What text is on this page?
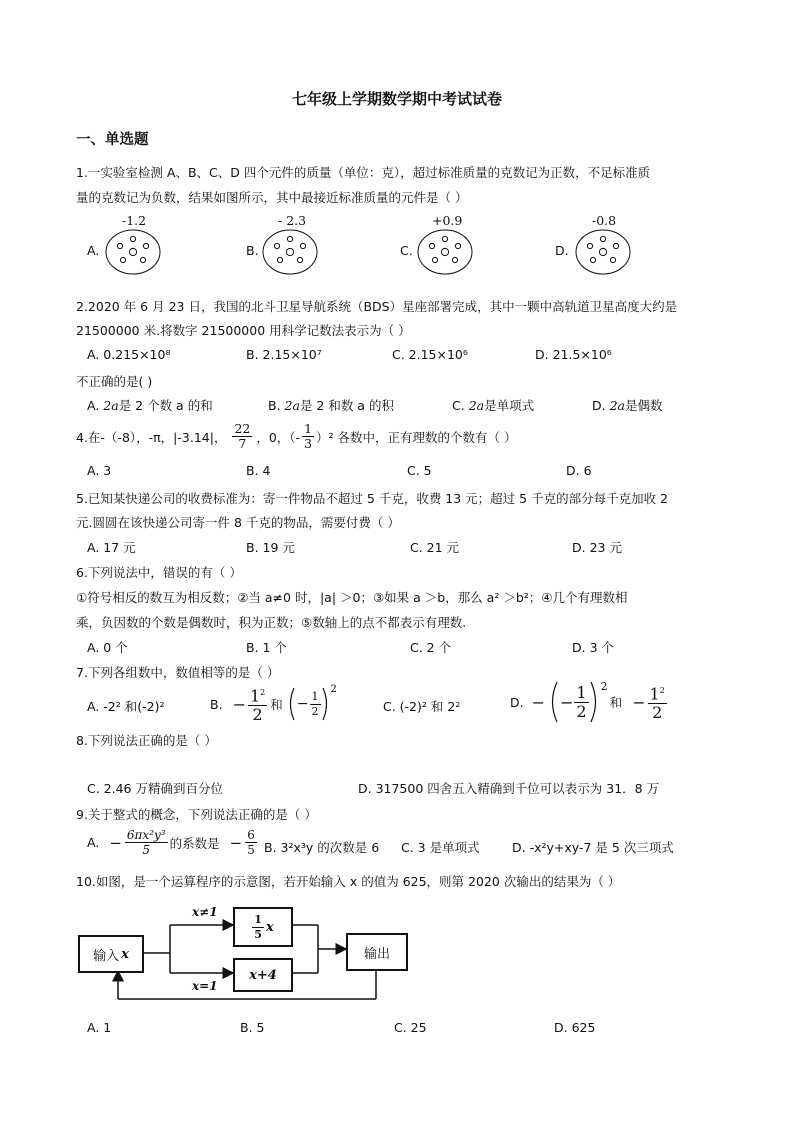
七年级上学期数学期中考试试卷
一、单选题
1.一实验室检测 A、B、C、D 四个元件的质量（单位：克），超过标准质量的克数记为正数，不足标准质
量的克数记为负数，结果如图所示，其中最接近标准质量的元件是（ ）
A.
-1.2
B.
- 2.3
C.
+0.9
D.
-0.8
2.2020 年 6 月 23 日，我国的北斗卫星导航系统（BDS）星座部署完成，其中一颗中高轨道卫星高度大约是
21500000 米.将数字 21500000 用科学记数法表示为（ ）
A. 0.215×10⁸	B. 2.15×10⁷	C. 2.15×10⁶	D. 21.5×10⁶
不正确的是( )
A. 2a是 2 个数 a 的和	B. 2a是 2 和数 a 的积	C. 2a是单项式	D. 2a是偶数
4.在-（-8），-π，|-3.14|， $\frac{22}{7}$ ，0，（- $\frac{1}{3} )^2$ 各数中，正有理数的个数有（ ）
A. 3	B. 4	C. 5	D. 6
5.已知某快递公司的收费标准为：寄一件物品不超过 5 千克，收费 13 元；超过 5 千克的部分每千克加收 2
元.圆圆在该快递公司寄一件 8 千克的物品，需要付费（ ）
A. 17 元	B. 19 元	C. 21 元	D. 23 元
6.下列说法中，错误的有（ ）
①符号相反的数互为相反数；②当 a≠0 时，|a| ＞0；③如果 a ＞b，那么 a² ＞b²；④几个有理数相
乘，负因数的个数是偶数时，积为正数；⑤数轴上的点不都表示有理数.
A. 0 个	B. 1 个	C. 2 个	D. 3 个
7.下列各组数中，数值相等的是（ ）
A. -2² 和(-2)²	B. − $\frac{1^2}{2}$ 和 − $\frac{1}{2}$
$^2$
C. (-2)² 和 2²	D. − − $\frac{1}{2} 2$
和 − $\frac{1^2}{2}$
8.下列说法正确的是（ ）
C. 2.46 万精确到百分位	D. 317500 四舍五入精确到千位可以表示为 31．8 万
9.关于整式的概念，下列说法正确的是（ ）
A. − $\frac{\text{6πx²y³}}{5}$ 的系数是 − $\frac{6}{5} B$. 3²x³y 的次数是 6 C. 3 是单项式	D. -x²y+xy-7 是 5 次三项式
10.如图，是一个运算程序的示意图，若开始输入 x 的值为 625，则第 2020 次输出的结果为（ ）
输入 x
x≠1
$\frac{1}{5}$ x
x+4
x=1
输出
A. 1	B. 5	C. 25	D. 625
